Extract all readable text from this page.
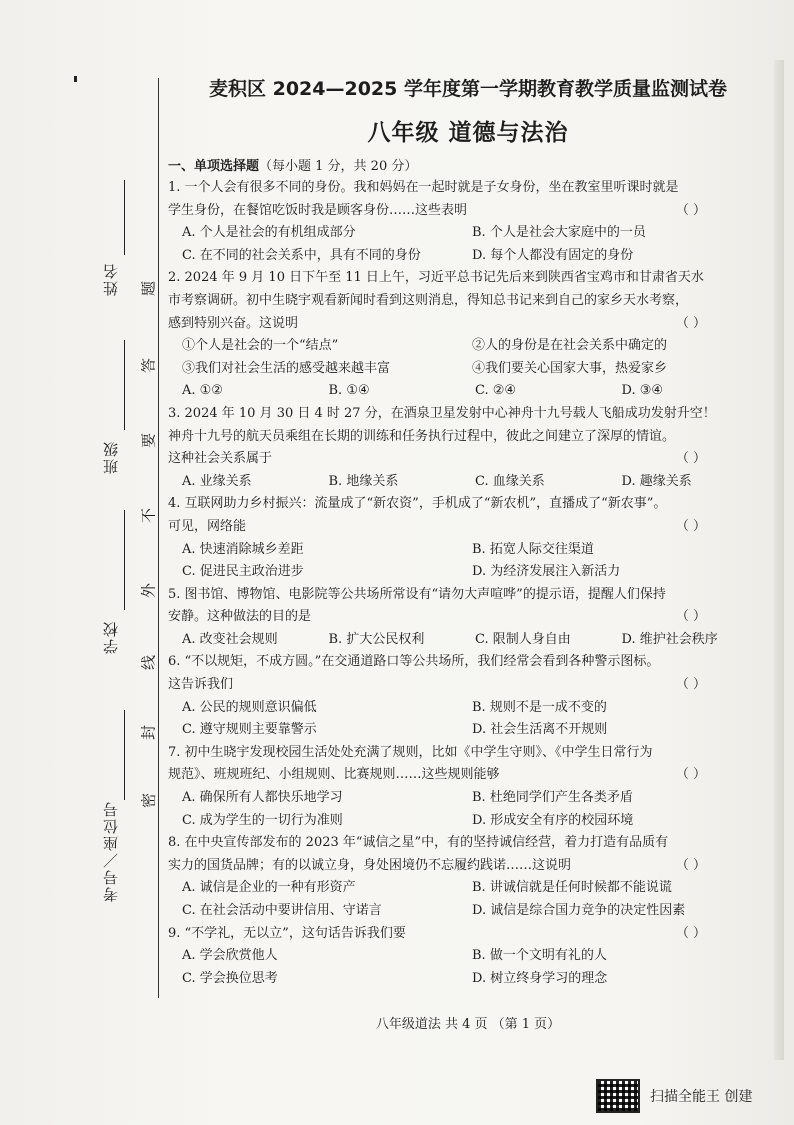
考号／座位号
学校
班级
姓名
密
封
线
外
不
要
答
题
麦积区 2024—2025 学年度第一学期教育教学质量监测试卷
八年级 道德与法治
一、单项选择题（每小题 1 分，共 20 分）
1. 一个人会有很多不同的身份。我和妈妈在一起时就是子女身份，坐在教室里听课时就是
学生身份，在餐馆吃饭时我是顾客身份……这些表明	（ ）
A. 个人是社会的有机组成部分	B. 个人是社会大家庭中的一员
C. 在不同的社会关系中，具有不同的身份	D. 每个人都没有固定的身份
2. 2024 年 9 月 10 日下午至 11 日上午，习近平总书记先后来到陕西省宝鸡市和甘肃省天水
市考察调研。初中生晓宇观看新闻时看到这则消息，得知总书记来到自己的家乡天水考察，
感到特别兴奋。这说明	（ ）
①个人是社会的一个“结点”	②人的身份是在社会关系中确定的
③我们对社会生活的感受越来越丰富	④我们要关心国家大事，热爱家乡
A. ①②	B. ①④	C. ②④	D. ③④
3. 2024 年 10 月 30 日 4 时 27 分，在酒泉卫星发射中心神舟十九号载人飞船成功发射升空！
神舟十九号的航天员乘组在长期的训练和任务执行过程中，彼此之间建立了深厚的情谊。
这种社会关系属于	（ ）
A. 业缘关系	B. 地缘关系	C. 血缘关系	D. 趣缘关系
4. 互联网助力乡村振兴：流量成了“新农资”，手机成了“新农机”，直播成了“新农事”。
可见，网络能	（ ）
A. 快速消除城乡差距	B. 拓宽人际交往渠道
C. 促进民主政治进步	D. 为经济发展注入新活力
5. 图书馆、博物馆、电影院等公共场所常设有“请勿大声喧哗”的提示语，提醒人们保持
安静。这种做法的目的是	（ ）
A. 改变社会规则	B. 扩大公民权利	C. 限制人身自由	D. 维护社会秩序
6. “不以规矩，不成方圆。”在交通道路口等公共场所，我们经常会看到各种警示图标。
这告诉我们	（ ）
A. 公民的规则意识偏低	B. 规则不是一成不变的
C. 遵守规则主要靠警示	D. 社会生活离不开规则
7. 初中生晓宇发现校园生活处处充满了规则，比如《中学生守则》、《中学生日常行为
规范》、班规班纪、小组规则、比赛规则……这些规则能够	（ ）
A. 确保所有人都快乐地学习	B. 杜绝同学们产生各类矛盾
C. 成为学生的一切行为准则	D. 形成安全有序的校园环境
8. 在中央宣传部发布的 2023 年“诚信之星”中，有的坚持诚信经营，着力打造有品质有
实力的国货品牌；有的以诚立身，身处困境仍不忘履约践诺……这说明	（ ）
A. 诚信是企业的一种有形资产	B. 讲诚信就是任何时候都不能说谎
C. 在社会活动中要讲信用、守诺言	D. 诚信是综合国力竞争的决定性因素
9. “不学礼，无以立”，这句话告诉我们要	（ ）
A. 学会欣赏他人	B. 做一个文明有礼的人
C. 学会换位思考	D. 树立终身学习的理念
八年级道法 共 4 页 （第 1 页）
扫描全能王 创建
